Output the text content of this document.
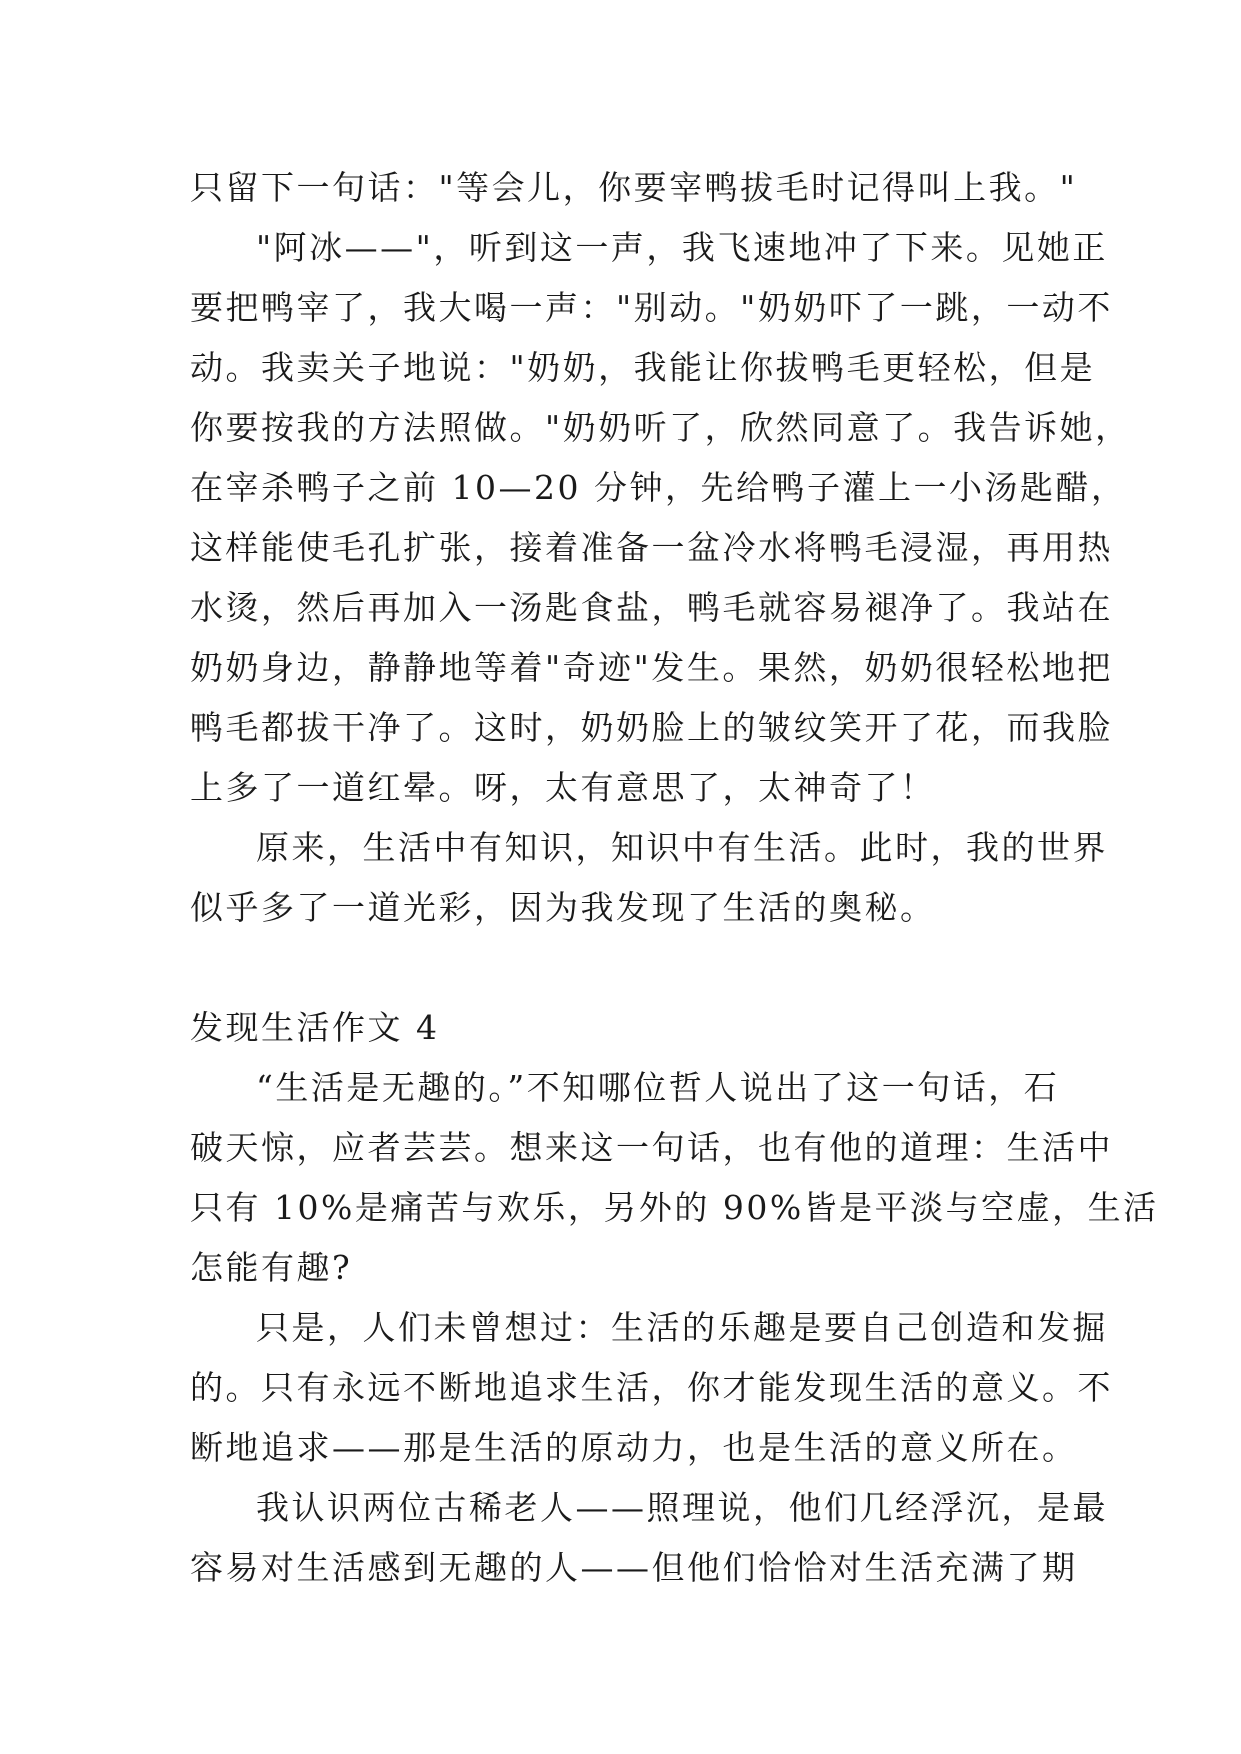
只留下一句话："等会儿，你要宰鸭拔毛时记得叫上我。"
"阿冰——"，听到这一声，我飞速地冲了下来。见她正
要把鸭宰了，我大喝一声："别动。"奶奶吓了一跳，一动不
动。我卖关子地说："奶奶，我能让你拔鸭毛更轻松，但是
你要按我的方法照做。"奶奶听了，欣然同意了。我告诉她，
在宰杀鸭子之前 10—20 分钟，先给鸭子灌上一小汤匙醋，
这样能使毛孔扩张，接着准备一盆冷水将鸭毛浸湿，再用热
水烫，然后再加入一汤匙食盐，鸭毛就容易褪净了。我站在
奶奶身边，静静地等着"奇迹"发生。果然，奶奶很轻松地把
鸭毛都拔干净了。这时，奶奶脸上的皱纹笑开了花，而我脸
上多了一道红晕。呀，太有意思了，太神奇了！
原来，生活中有知识，知识中有生活。此时，我的世界
似乎多了一道光彩，因为我发现了生活的奥秘。
发现生活作文 4
“生活是无趣的。”不知哪位哲人说出了这一句话，石
破天惊，应者芸芸。想来这一句话，也有他的道理：生活中
只有 10%是痛苦与欢乐，另外的 90%皆是平淡与空虚，生活
怎能有趣?
只是，人们未曾想过：生活的乐趣是要自己创造和发掘
的。只有永远不断地追求生活，你才能发现生活的意义。不
断地追求——那是生活的原动力，也是生活的意义所在。
我认识两位古稀老人——照理说，他们几经浮沉，是最
容易对生活感到无趣的人——但他们恰恰对生活充满了期
